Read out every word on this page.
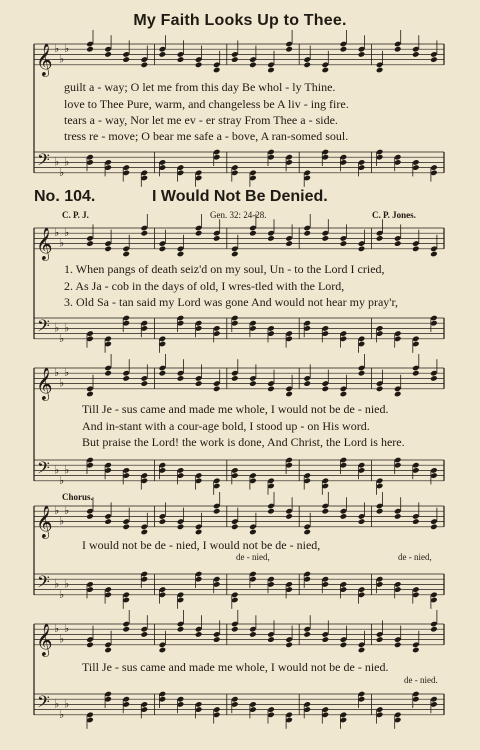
𝄞 ♭
♭
♭
𝄢 ♭
♭
♭
𝄞 ♭
♭
♭
𝄢 ♭
♭
♭
𝄞 ♭
♭
♭
𝄢 ♭
♭
♭
𝄞 ♭
♭
♭
𝄢 ♭
♭
♭
𝄞 ♭
♭
♭
𝄢 ♭
♭
♭
My Faith Looks Up to Thee.
guilt a - way; O let me from this day Be whol - ly Thine.
love to Thee Pure, warm, and changeless be A liv - ing fire.
tears a - way, Nor let me ev - er stray From Thee a - side.
tress re - move; O bear me safe a - bove, A ran-somed soul.
No. 104.	I Would Not Be Denied.
C. P. J.	Gen. 32: 24-28.	C. P. Jones.
1. When pangs of death seiz'd on my soul, Un - to the Lord I cried,
2. As Ja - cob in the days of old, I wres-tled with the Lord,
3. Old Sa - tan said my Lord was gone And would not hear my pray'r,
Till Je - sus came and made me whole, I would not be de - nied.
And in-stant with a cour-age bold, I stood up - on His word.
But praise the Lord! the work is done, And Christ, the Lord is here.
Chorus.
I would not be de - nied, I would not be de - nied,
de - nied,	de - nied,
Till Je - sus came and made me whole, I would not be de - nied.
de - nied.
